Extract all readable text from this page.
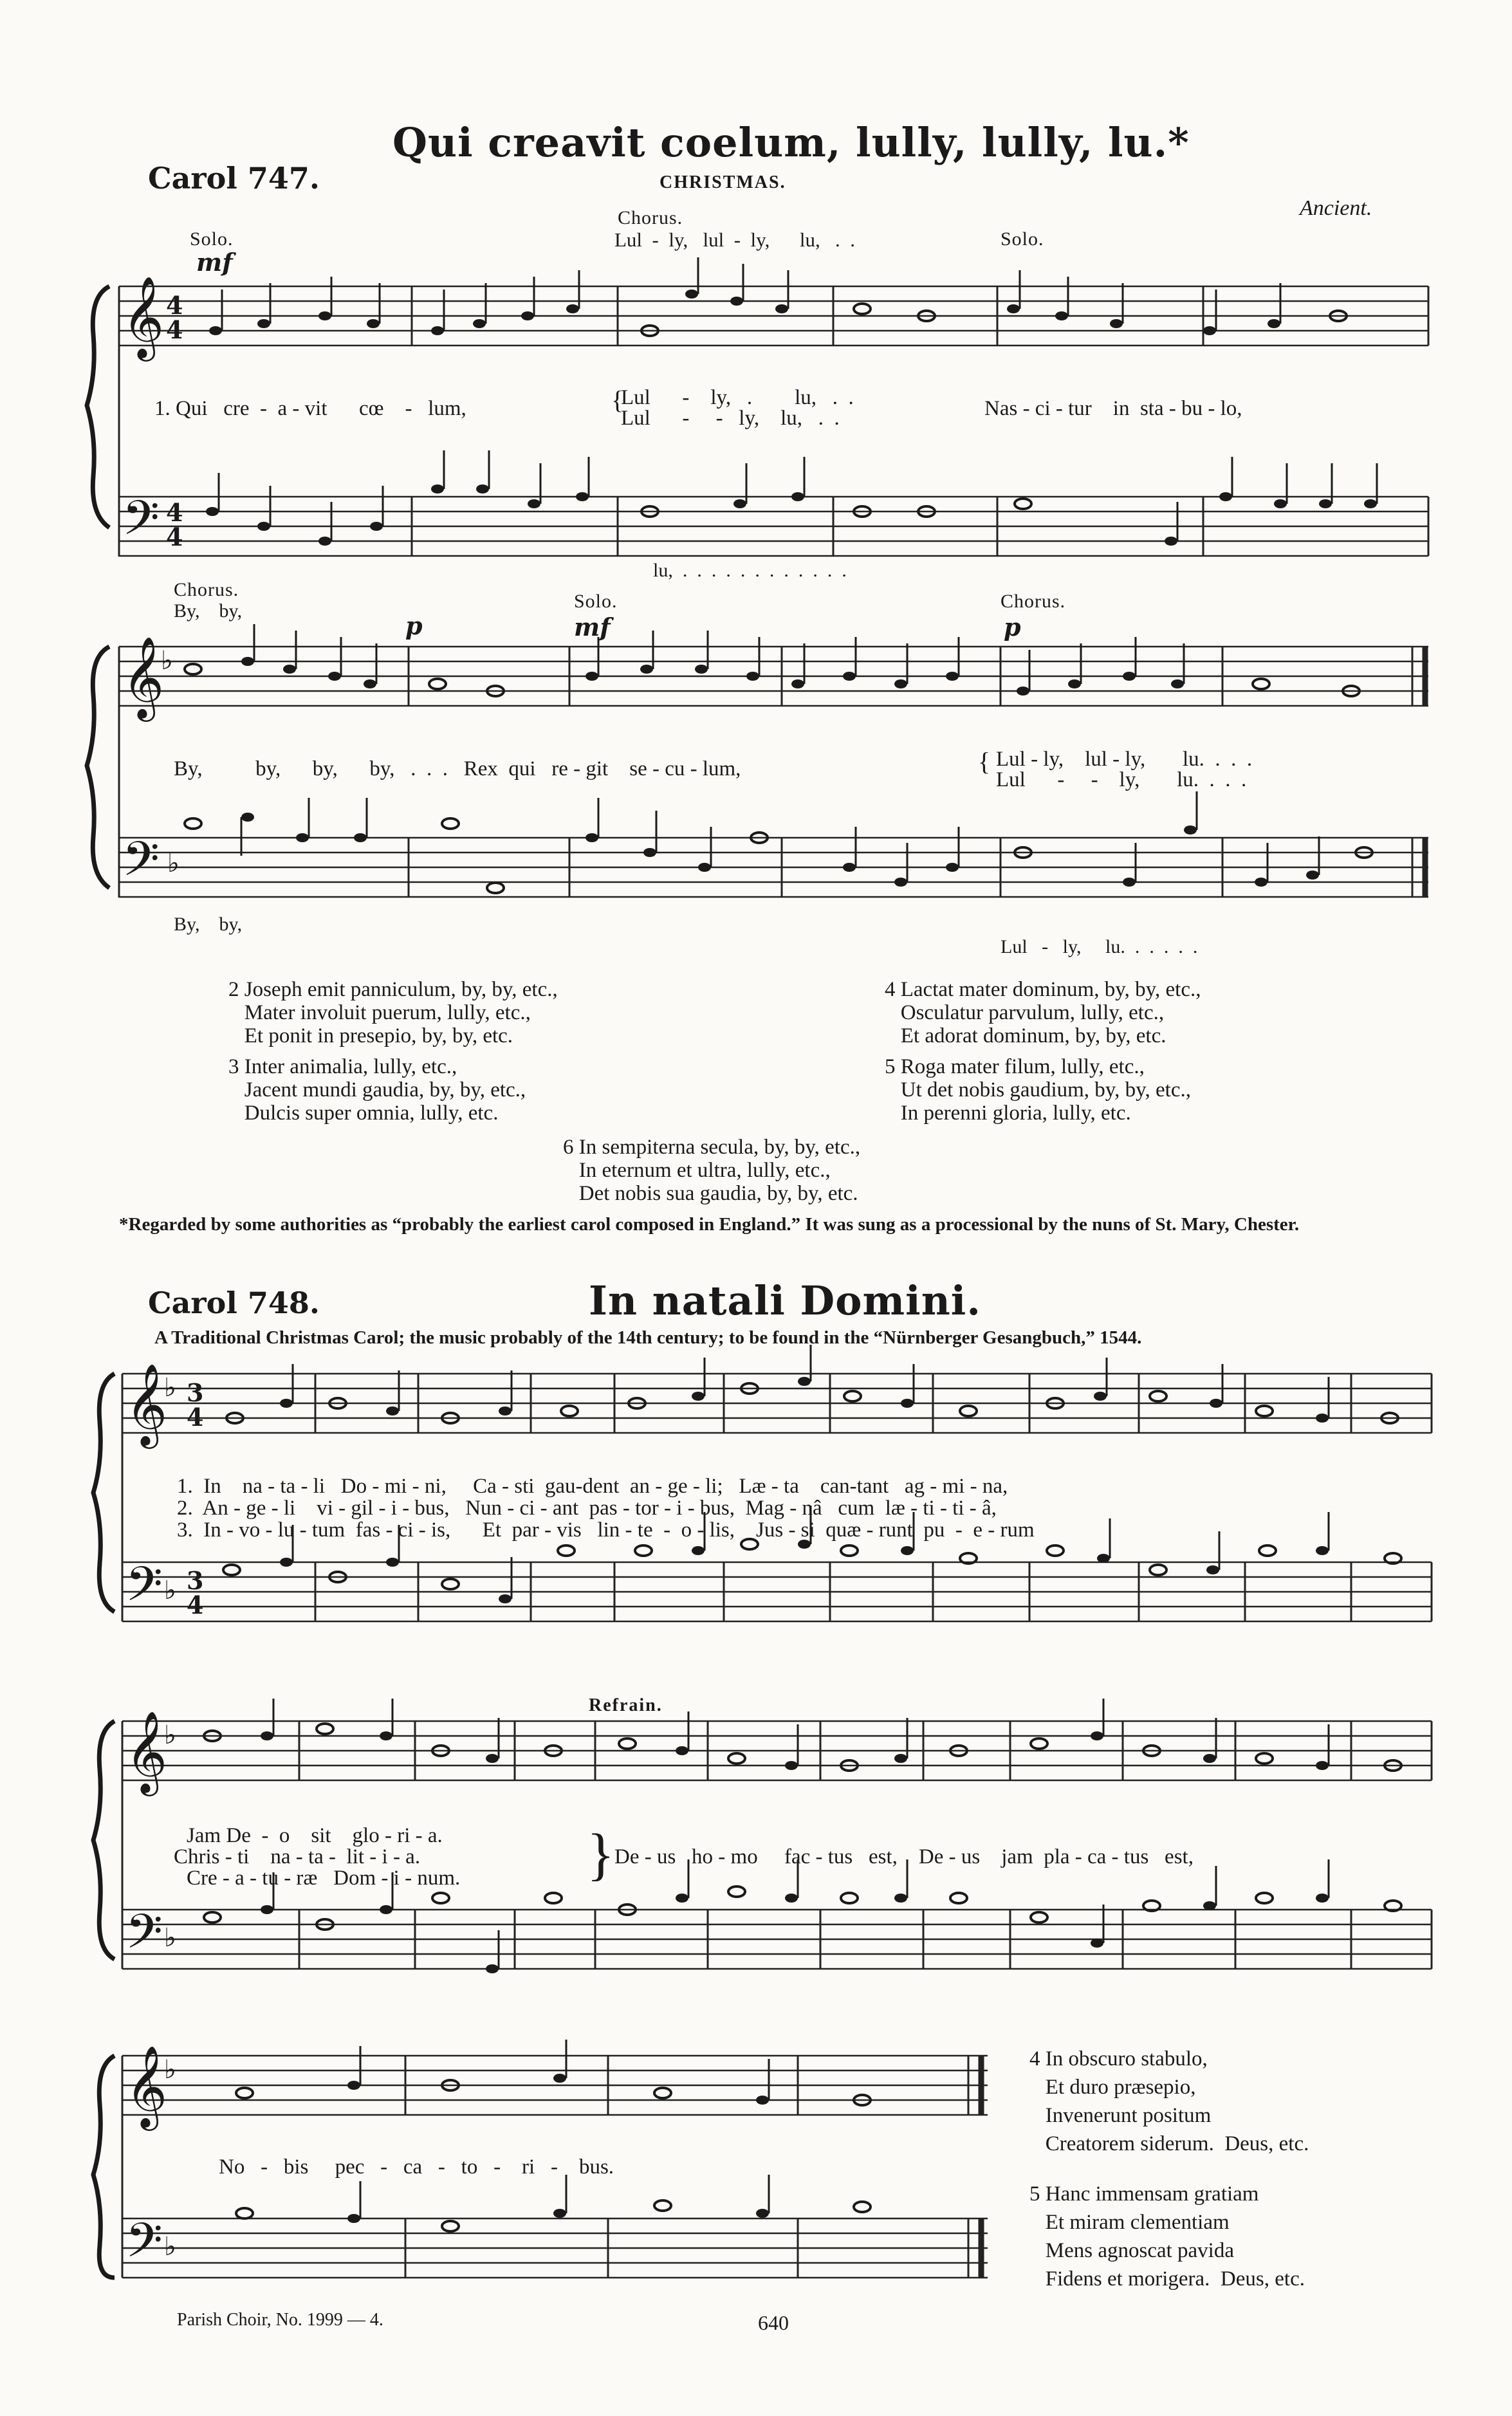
Qui creavit coelum, lully, lully, lu.*
Carol 747.	CHRISTMAS.
Ancient.
Solo.
Chorus.
Lul  -  ly,   lul  -  ly,      lu,   .  .	Solo.
mf
𝄞 4
4
𝄢 4
4
1. Qui   cre  -  a - vit      cœ    -   lum,	{
Lul      -    ly,   .        lu,   .  .
Lul      -     -   ly,    lu,   .  .	Nas - ci - tur    in  sta - bu - lo,
lu,  .  .  .  .  .  .  .  .  .  .  .  .
Chorus.
By,    by,
p
Solo.
mf
Chorus.
p
𝄞
♭
𝄢 ♭
By,          by,      by,      by,   .  .  .   Rex  qui   re - git    se - cu - lum,	{ Lul - ly,    lul - ly,       lu.  .  .  .
Lul      -     -    ly,       lu.  .  .  .
By,    by,
Lul   -   ly,     lu.  .  .  .  .  .
2 Joseph emit panniculum, by, by, etc.,
Mater involuit puerum, lully, etc.,
Et ponit in presepio, by, by, etc.
3 Inter animalia, lully, etc.,
Jacent mundi gaudia, by, by, etc.,
Dulcis super omnia, lully, etc.
4 Lactat mater dominum, by, by, etc.,
Osculatur parvulum, lully, etc.,
Et adorat dominum, by, by, etc.
5 Roga mater filum, lully, etc.,
Ut det nobis gaudium, by, by, etc.,
In perenni gloria, lully, etc.
6 In sempiterna secula, by, by, etc.,
In eternum et ultra, lully, etc.,
Det nobis sua gaudia, by, by, etc.
*Regarded by some authorities as “probably the earliest carol composed in England.” It was sung as a processional by the nuns of St. Mary, Chester.
Carol 748.	In natali Domini.
A Traditional Christmas Carol; the music probably of the 14th century; to be found in the “Nürnberger Gesangbuch,” 1544.
𝄞
♭ 3
4
𝄢 ♭ 3
4
1.  In    na - ta - li   Do - mi - ni,     Ca - sti  gau-dent  an - ge - li;   Læ - ta    can-tant   ag - mi - na,
2.  An - ge - li    vi - gil - i - bus,   Nun - ci - ant  pas - tor - i - bus,  Mag - nâ   cum  læ - ti - ti - â,
3.  In - vo - lu - tum  fas - ci - is,      Et  par - vis   lin - te  -  o - lis,    Jus - si  quæ - runt  pu  -  e - rum
Refrain.
𝄞
♭
𝄢 ♭
Jam De  -  o    sit    glo - ri - a.
Chris - ti    na - ta -  lit - i - a.
Cre - a - tu - ræ   Dom - i - num. } De - us   ho - mo     fac - tus   est,    De - us    jam  pla - ca - tus   est,
𝄞
♭
𝄢 ♭
No   -   bis     pec   -   ca   -   to   -    ri   -    bus.
4 In obscuro stabulo,
Et duro præsepio,
Invenerunt positum
Creatorem siderum.  Deus, etc.
5 Hanc immensam gratiam
Et miram clementiam
Mens agnoscat pavida
Fidens et morigera.  Deus, etc.
Parish Choir, No. 1999 — 4.	640
